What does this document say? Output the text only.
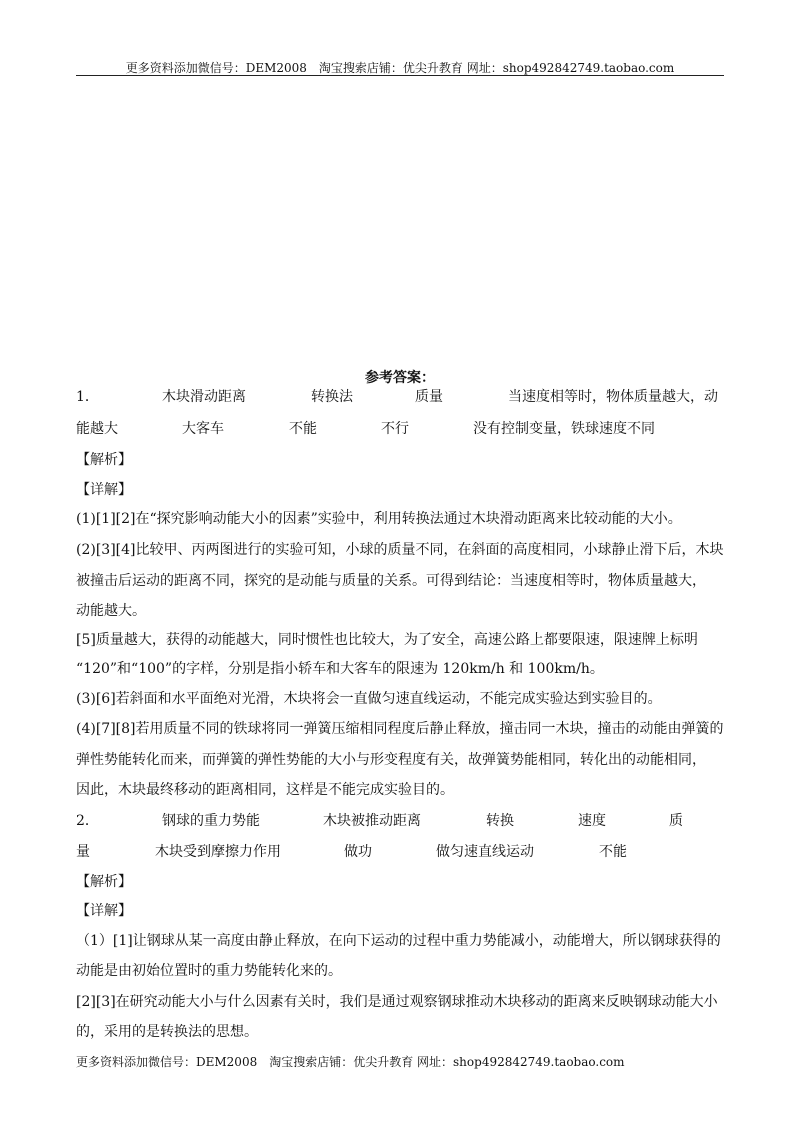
更多资料添加微信号：DEM2008　淘宝搜索店铺：优尖升教育 网址：shop492842749.taobao.com
参考答案：
1．	木块滑动距离	转换法	质量	当速度相等时，物体质量越大，动
能越大	大客车	不能	不行	没有控制变量，铁球速度不同
【解析】
【详解】
(1)[1][2]在“探究影响动能大小的因素”实验中，利用转换法通过木块滑动距离来比较动能的大小。
(2)[3][4]比较甲、丙两图进行的实验可知，小球的质量不同，在斜面的高度相同，小球静止滑下后，木块
被撞击后运动的距离不同，探究的是动能与质量的关系。可得到结论：当速度相等时，物体质量越大，
动能越大。
[5]质量越大，获得的动能越大，同时惯性也比较大，为了安全，高速公路上都要限速，限速牌上标明
“120”和“100”的字样，分别是指小轿车和大客车的限速为 120km/h 和 100km/h。
(3)[6]若斜面和水平面绝对光滑，木块将会一直做匀速直线运动，不能完成实验达到实验目的。
(4)[7][8]若用质量不同的铁球将同一弹簧压缩相同程度后静止释放，撞击同一木块，撞击的动能由弹簧的
弹性势能转化而来，而弹簧的弹性势能的大小与形变程度有关，故弹簧势能相同，转化出的动能相同，
因此，木块最终移动的距离相同，这样是不能完成实验目的。
2．	钢球的重力势能	木块被推动距离	转换	速度	质
量	木块受到摩擦力作用	做功	做匀速直线运动	不能
【解析】
【详解】
（1）[1]让钢球从某一高度由静止释放，在向下运动的过程中重力势能减小，动能增大，所以钢球获得的
动能是由初始位置时的重力势能转化来的。
[2][3]在研究动能大小与什么因素有关时，我们是通过观察钢球推动木块移动的距离来反映钢球动能大小
的，采用的是转换法的思想。
更多资料添加微信号：DEM2008　淘宝搜索店铺：优尖升教育 网址：shop492842749.taobao.com
